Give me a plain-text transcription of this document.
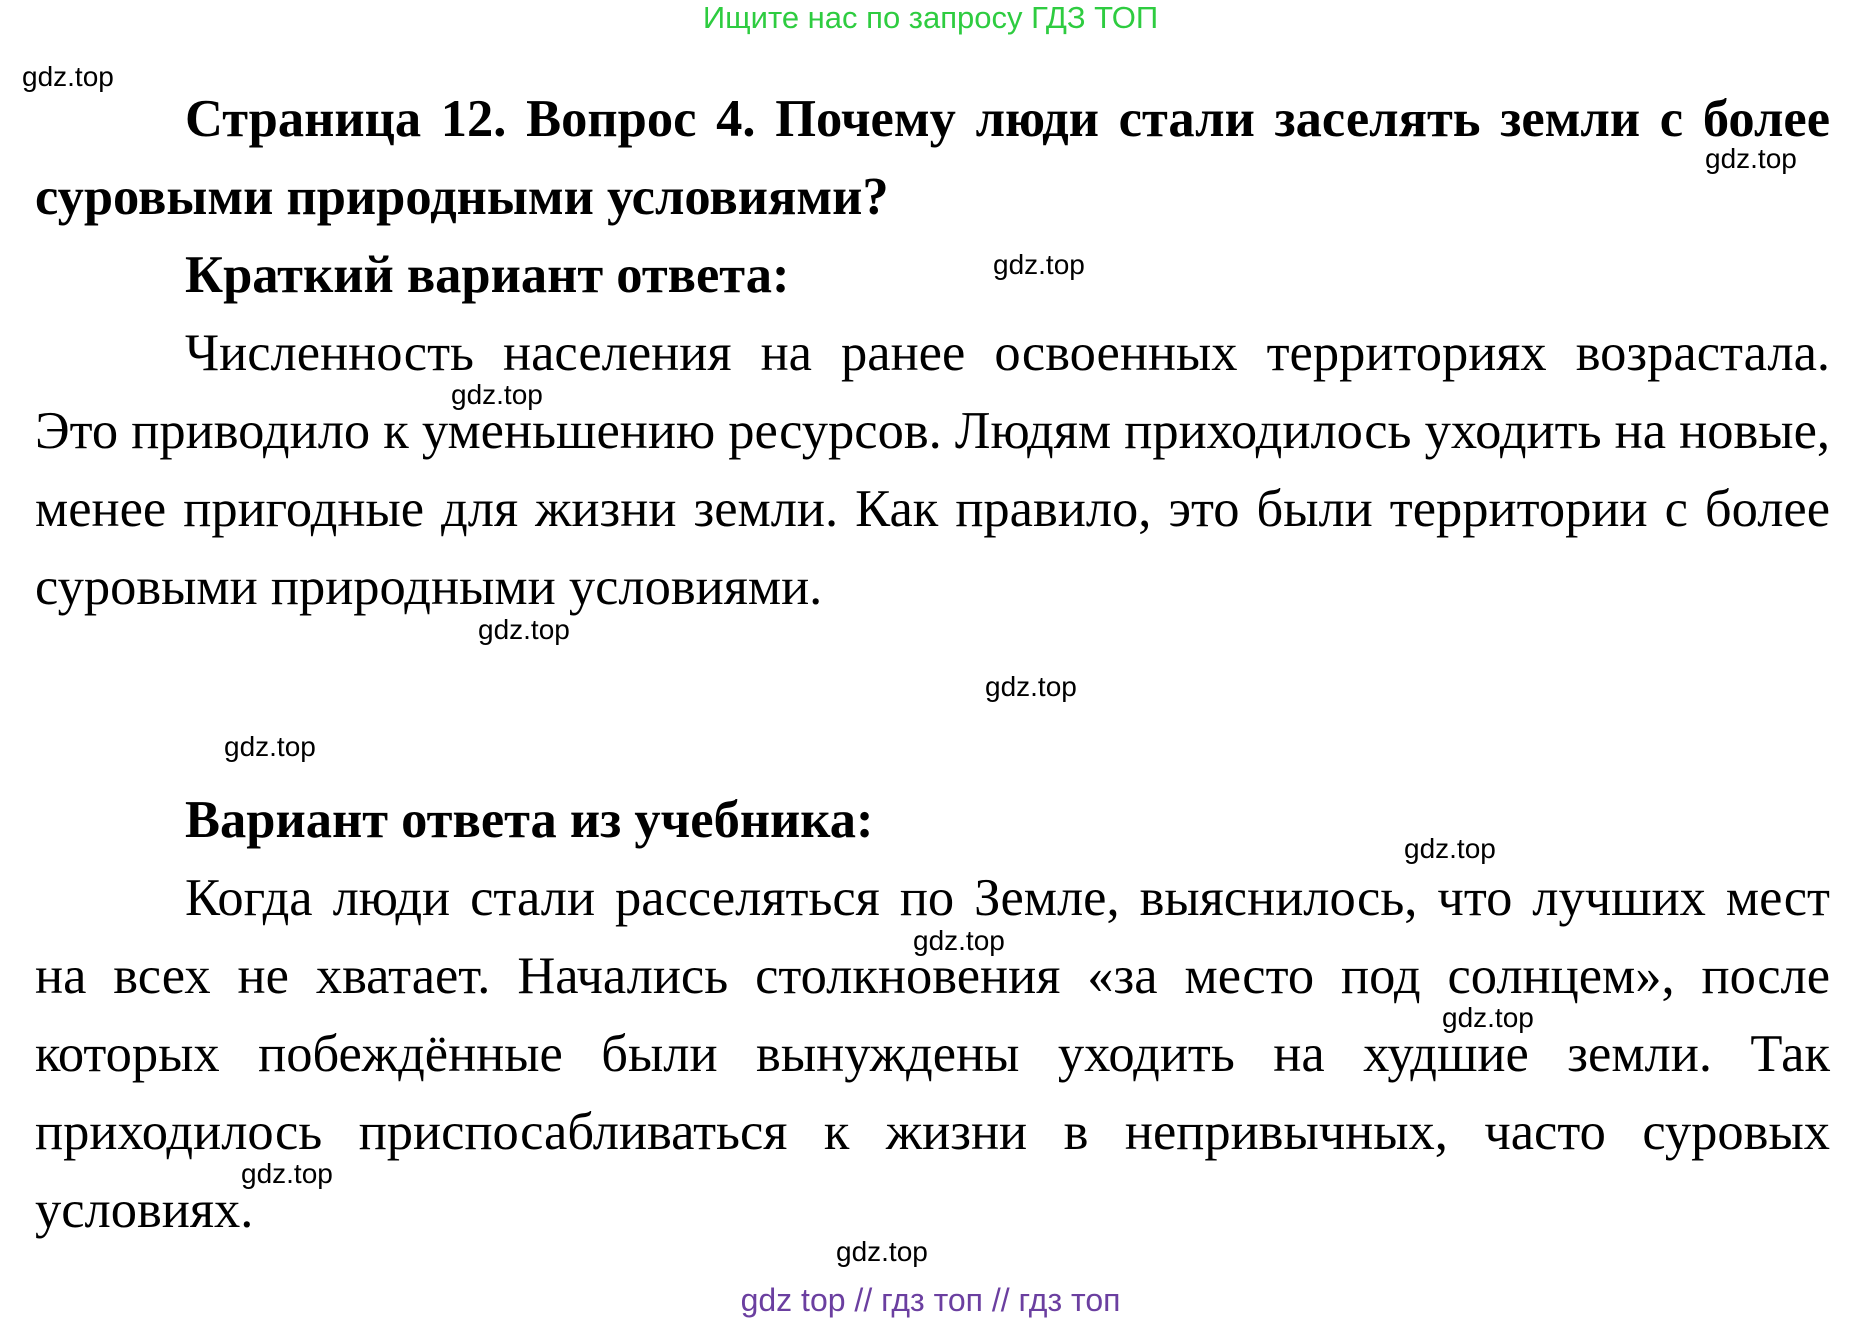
Ищите нас по запросу ГДЗ ТОП

Страница 12. Вопрос 4. Почему люди стали заселять земли с более суровыми природными условиями?

Краткий вариант ответа:

Численность населения на ранее освоенных территориях возрастала. Это приводило к уменьшению ресурсов. Людям приходилось уходить на новые, менее пригодные для жизни земли. Как правило, это были территории с более суровыми природными условиями.

Вариант ответа из учебника:

Когда люди стали расселяться по Земле, выяснилось, что лучших мест на всех не хватает. Начались столкновения «за место под солнцем», после которых побеждённые были вынуждены уходить на худшие земли. Так приходилось приспосабливаться к жизни в непривычных, часто суровых условиях.

gdz.top
gdz.top
gdz.top
gdz.top
gdz.top
gdz.top
gdz.top
gdz.top
gdz.top
gdz.top
gdz.top
gdz.top
gdz top // гдз топ // гдз топ
